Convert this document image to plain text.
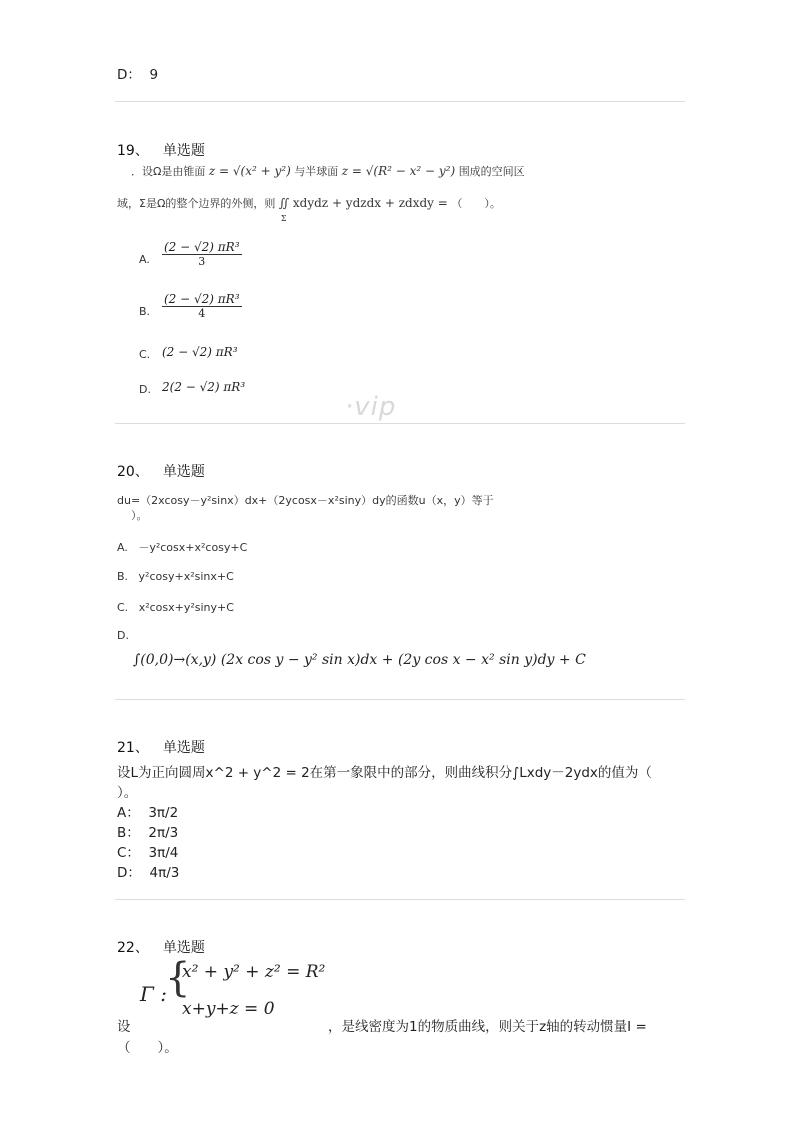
D： 9
19、 单选题
．设Ω是由锥面 z = √(x² + y²) 与半球面 z = √(R² − x² − y²) 围成的空间区
域，Σ是Ω的整个边界的外侧，则 ∬ xdydz + ydzdx + zdxdy =
Σ
（　　）。
A. $\frac{\text{(2 − √2) πR³}}{3}$
B. $\frac{\text{(2 − √2) πR³}}{4}$
C. (2 − √2) πR³
D. 2(2 − √2) πR³
·vip
20、 单选题
du=（2xcosy－y²sinx）dx+（2ycosx－x²siny）dy的函数u（x，y）等于
）。
A. －y²cosx+x²cosy+C
B. y²cosy+x²sinx+C
C. x²cosx+y²siny+C
D.
∫(0,0)→(x,y) (2x cos y − y² sin x)dx + (2y cos x − x² sin y)dy + C
21、 单选题
设L为正向圆周x^2 + y^2 = 2在第一象限中的部分，则曲线积分∫Lxdy－2ydx的值为（
）。
A： 3π/2
B： 2π/3
C： 3π/4
D： 4π/3
22、 单选题
Γ :
{
x² + y² + z² = R²
x+y+z = 0
设	，是线密度为1的物质曲线，则关于z轴的转动惯量I =
（　　）。
